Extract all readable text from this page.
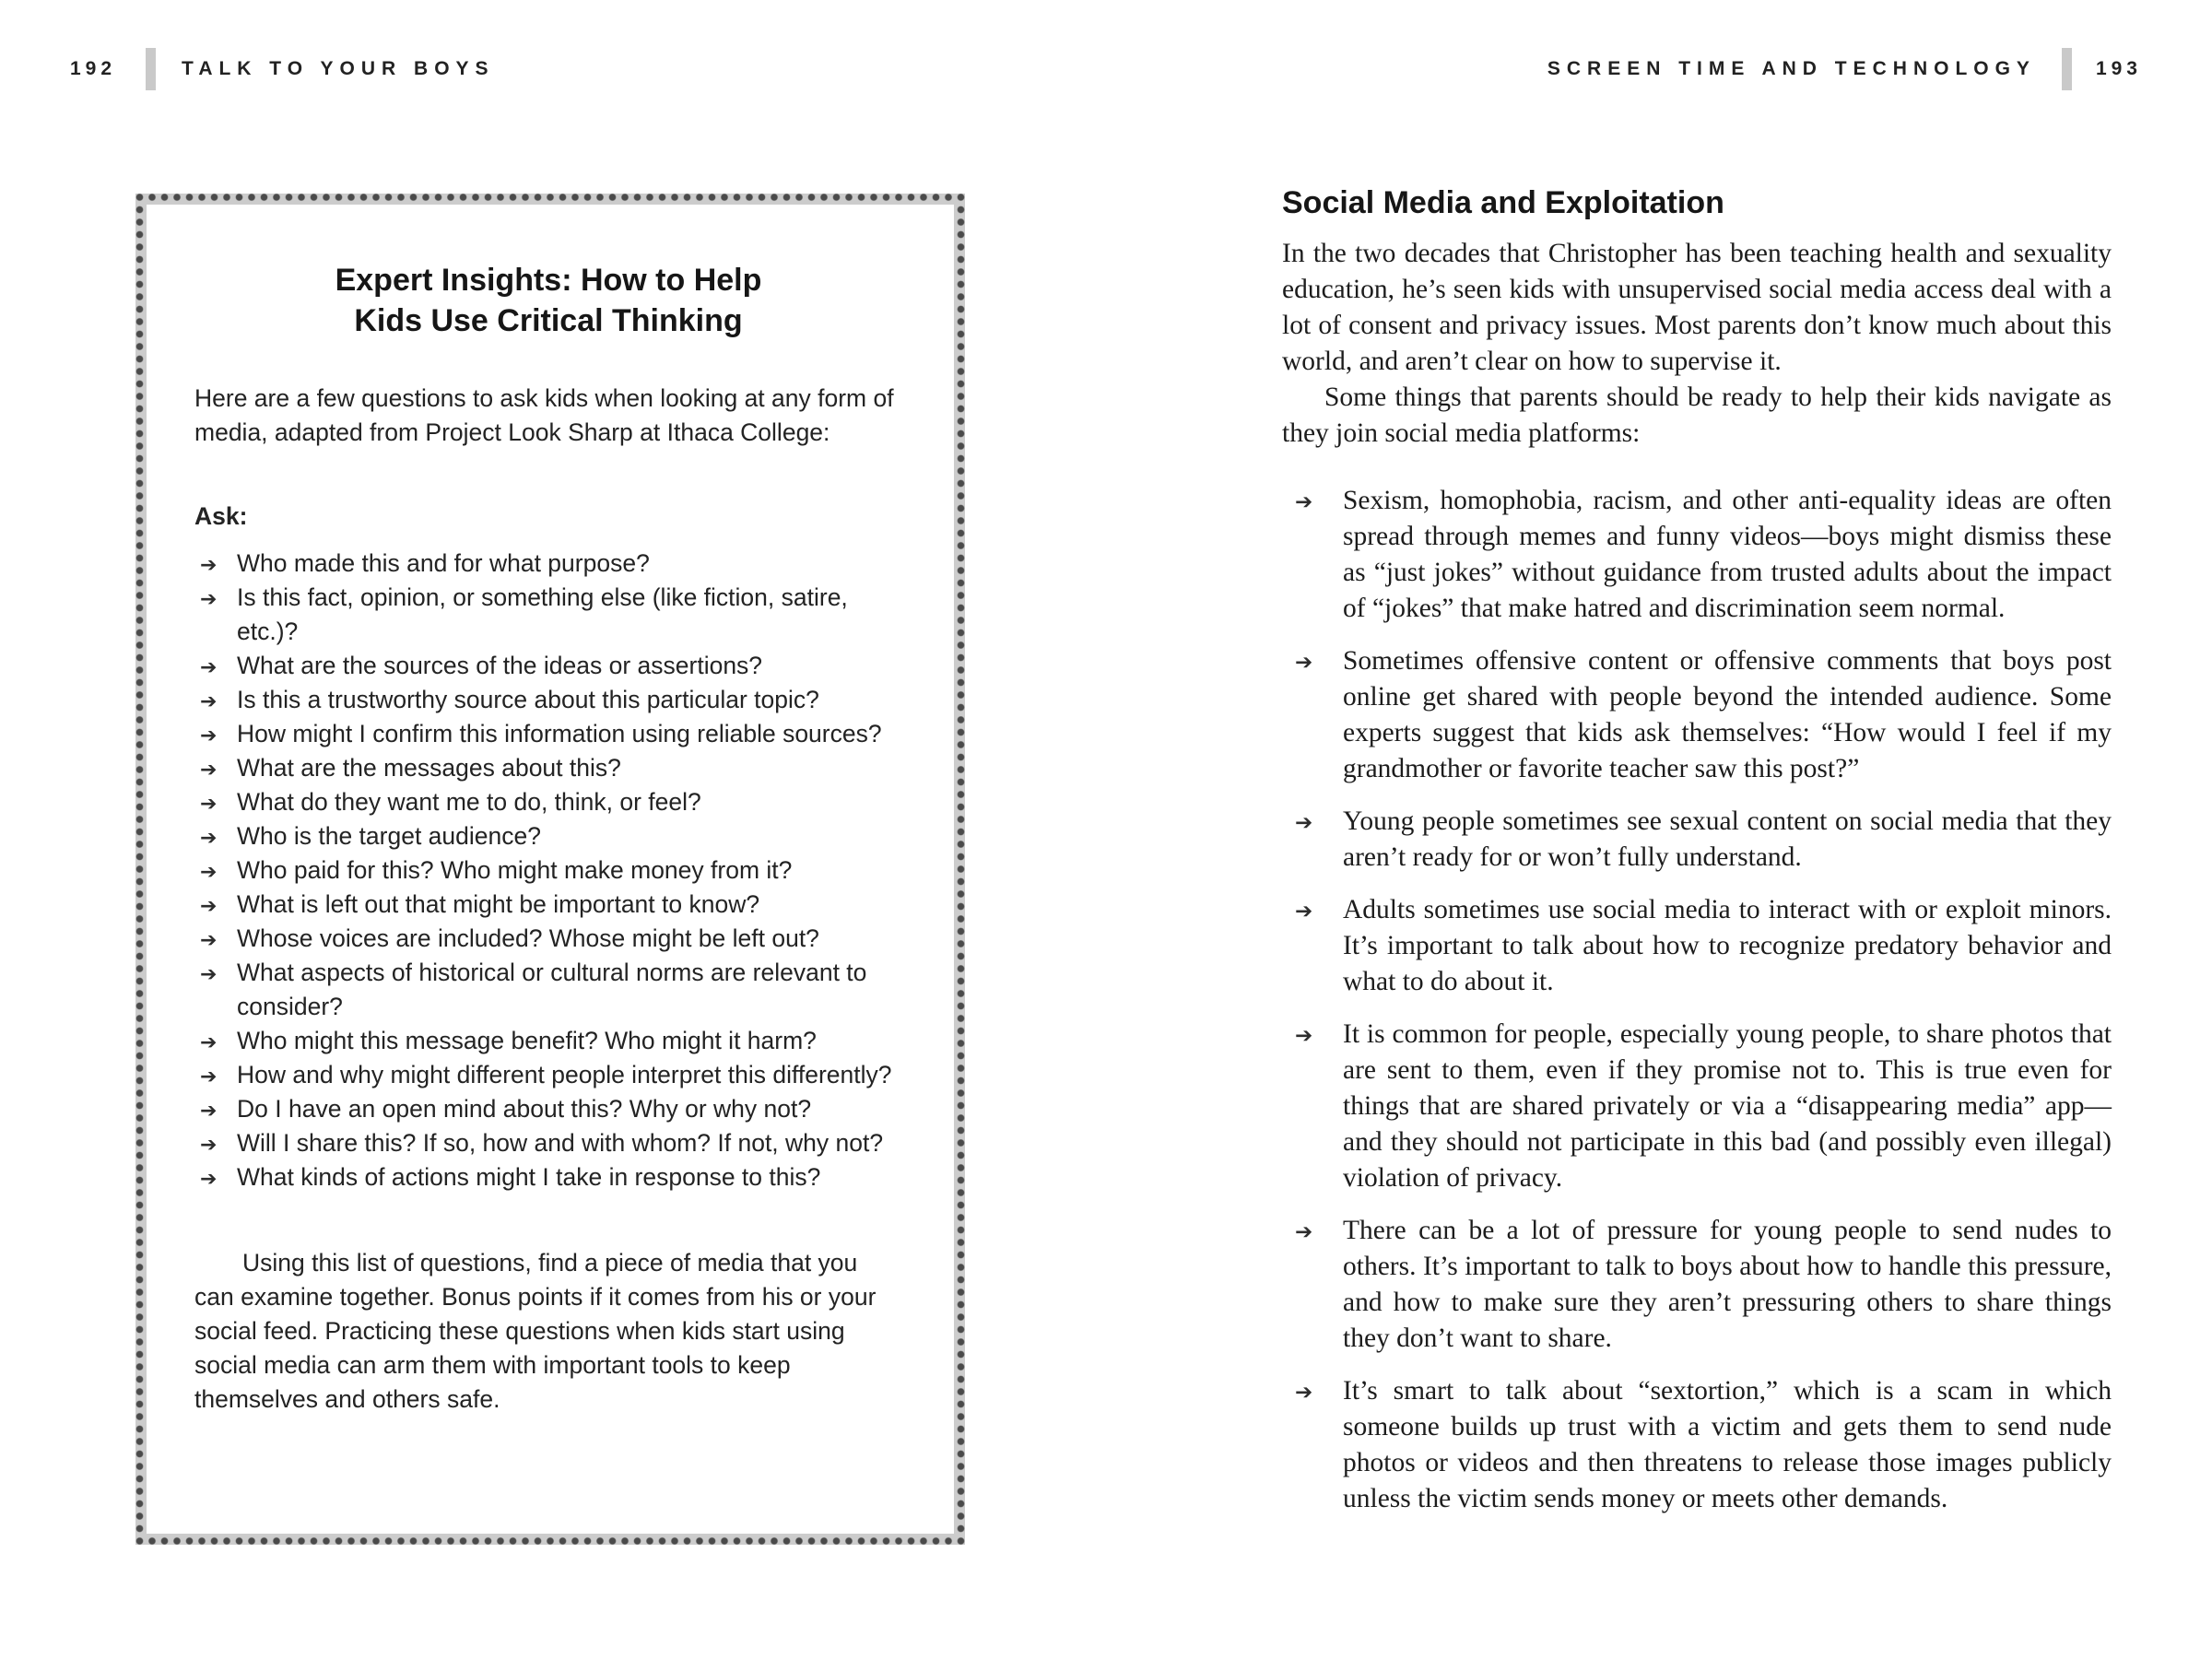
192	TALK TO YOUR BOYS	SCREEN TIME AND TECHNOLOGY	193
Expert Insights: How to Help
Kids Use Critical Thinking

Here are a few questions to ask kids when looking at any form of media, adapted from Project Look Sharp at Ithaca College:

Ask:

➔ Who made this and for what purpose?
➔ Is this fact, opinion, or something else (like fiction, satire, etc.)?
➔ What are the sources of the ideas or assertions?
➔ Is this a trustworthy source about this particular topic?
➔ How might I confirm this information using reliable sources?
➔ What are the messages about this?
➔ What do they want me to do, think, or feel?
➔ Who is the target audience?
➔ Who paid for this? Who might make money from it?
➔ What is left out that might be important to know?
➔ Whose voices are included? Whose might be left out?
➔ What aspects of historical or cultural norms are relevant to consider?
➔ Who might this message benefit? Who might it harm?
➔ How and why might different people interpret this differently?
➔ Do I have an open mind about this? Why or why not?
➔ Will I share this? If so, how and with whom? If not, why not?
➔ What kinds of actions might I take in response to this?

Using this list of questions, find a piece of media that you can examine together. Bonus points if it comes from his or your social feed. Practicing these questions when kids start using social media can arm them with important tools to keep themselves and others safe.

Social Media and Exploitation

In the two decades that Christopher has been teaching health and sexuality education, he’s seen kids with unsupervised social media access deal with a lot of consent and privacy issues. Most parents don’t know much about this world, and aren’t clear on how to supervise it.

Some things that parents should be ready to help their kids navigate as they join social media platforms:

➔ Sexism, homophobia, racism, and other anti-equality ideas are often spread through memes and funny videos—boys might dismiss these as “just jokes” without guidance from trusted adults about the impact of “jokes” that make hatred and discrimination seem normal.
➔ Sometimes offensive content or offensive comments that boys post online get shared with people beyond the intended audience. Some experts suggest that kids ask themselves: “How would I feel if my grandmother or favorite teacher saw this post?”
➔ Young people sometimes see sexual content on social media that they aren’t ready for or won’t fully understand.
➔ Adults sometimes use social media to interact with or exploit minors. It’s important to talk about how to recognize predatory behavior and what to do about it.
➔ It is common for people, especially young people, to share photos that are sent to them, even if they promise not to. This is true even for things that are shared privately or via a “disappearing media” app—and they should not participate in this bad (and possibly even illegal) violation of privacy.
➔ There can be a lot of pressure for young people to send nudes to others. It’s important to talk to boys about how to handle this pressure, and how to make sure they aren’t pressuring others to share things they don’t want to share.
➔ It’s smart to talk about “sextortion,” which is a scam in which someone builds up trust with a victim and gets them to send nude photos or videos and then threatens to release those images publicly unless the victim sends money or meets other demands.
